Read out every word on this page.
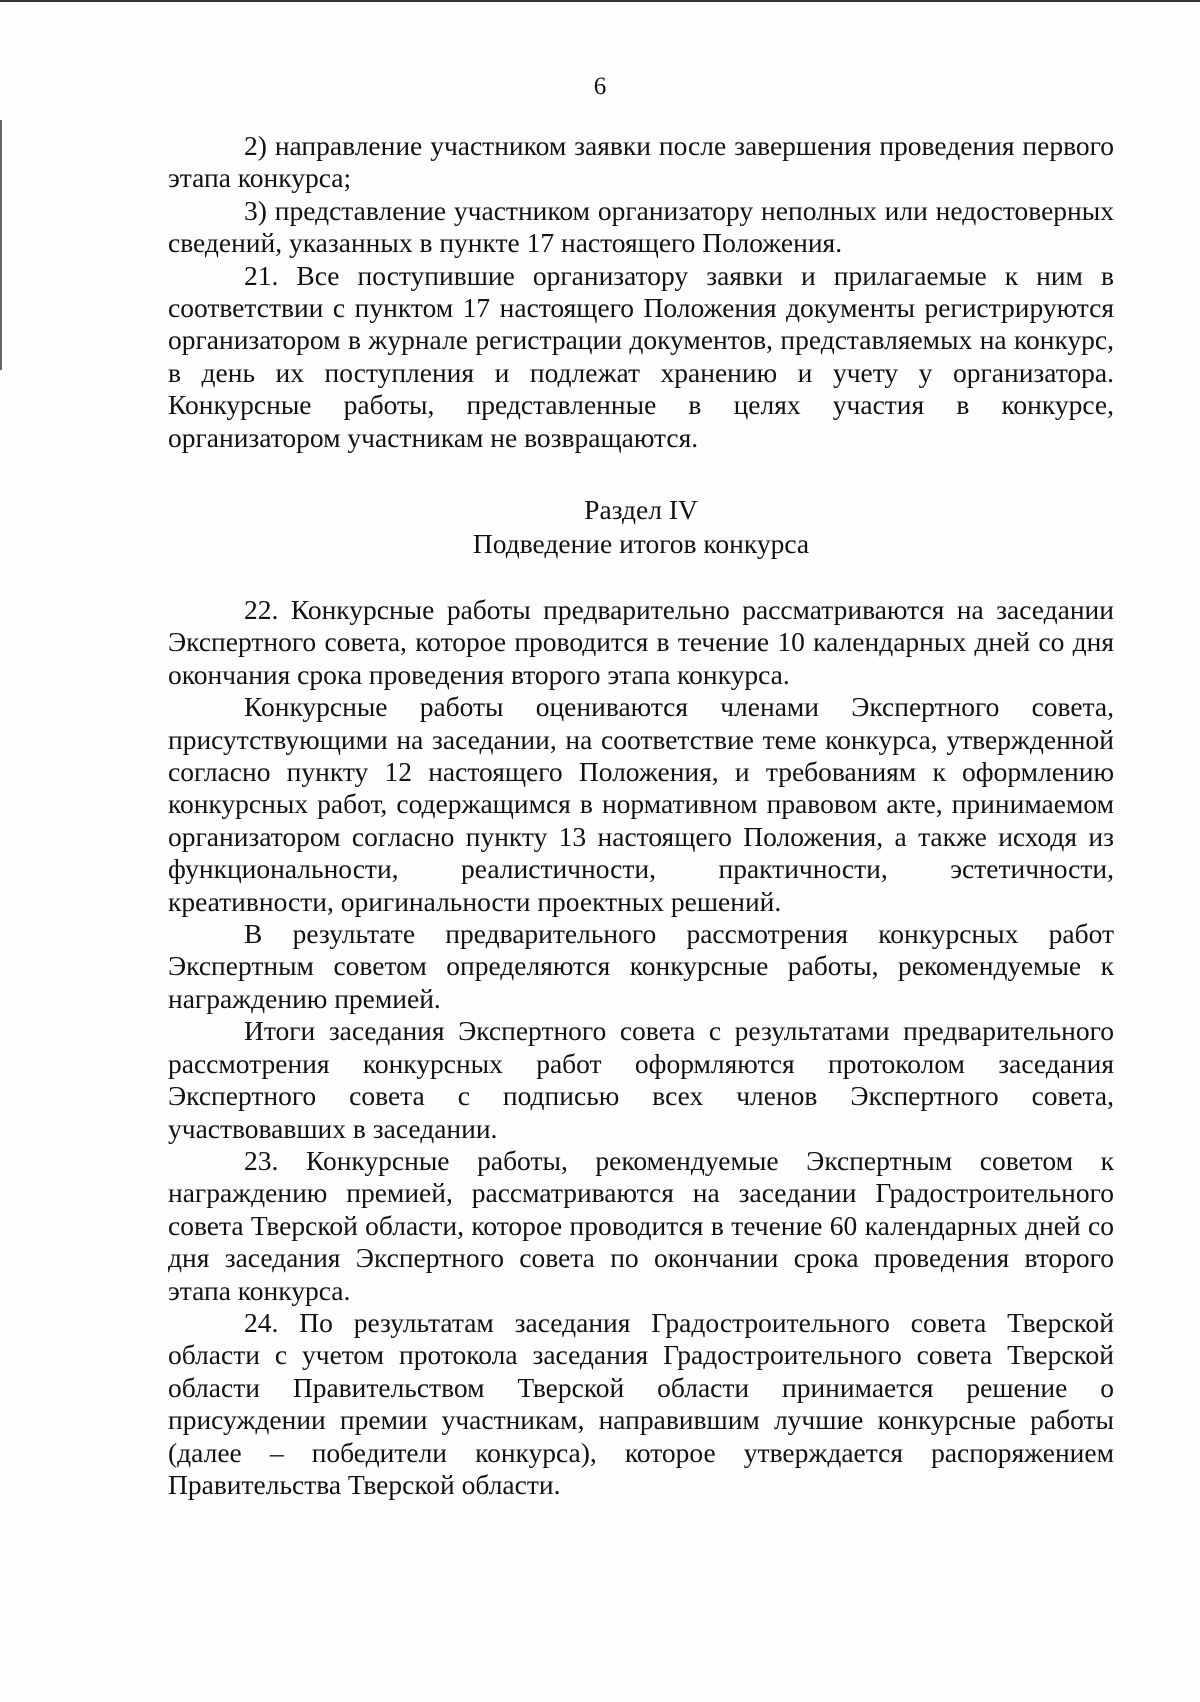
6

2) направление участником заявки после завершения проведения первого этапа конкурса;

3) представление участником организатору неполных или недостоверных сведений, указанных в пункте 17 настоящего Положения.

21. Все поступившие организатору заявки и прилагаемые к ним в соответствии с пунктом 17 настоящего Положения документы регистрируются организатором в журнале регистрации документов, представляемых на конкурс, в день их поступления и подлежат хранению и учету у организатора. Конкурсные работы, представленные в целях участия в конкурсе, организатором участникам не возвращаются.

Раздел IV
Подведение итогов конкурса

22. Конкурсные работы предварительно рассматриваются на заседании Экспертного совета, которое проводится в течение 10 календарных дней со дня окончания срока проведения второго этапа конкурса.

Конкурсные работы оцениваются членами Экспертного совета, присутствующими на заседании, на соответствие теме конкурса, утвержденной согласно пункту 12 настоящего Положения, и требованиям к оформлению конкурсных работ, содержащимся в нормативном правовом акте, принимаемом организатором согласно пункту 13 настоящего Положения, а также исходя из функциональности, реалистичности, практичности, эстетичности, креативности, оригинальности проектных решений.

В результате предварительного рассмотрения конкурсных работ Экспертным советом определяются конкурсные работы, рекомендуемые к награждению премией.

Итоги заседания Экспертного совета с результатами предварительного рассмотрения конкурсных работ оформляются протоколом заседания Экспертного совета с подписью всех членов Экспертного совета, участвовавших в заседании.

23. Конкурсные работы, рекомендуемые Экспертным советом к награждению премией, рассматриваются на заседании Градостроительного совета Тверской области, которое проводится в течение 60 календарных дней со дня заседания Экспертного совета по окончании срока проведения второго этапа конкурса.

24. По результатам заседания Градостроительного совета Тверской области с учетом протокола заседания Градостроительного совета Тверской области Правительством Тверской области принимается решение о присуждении премии участникам, направившим лучшие конкурсные работы (далее – победители конкурса), которое утверждается распоряжением Правительства Тверской области.
